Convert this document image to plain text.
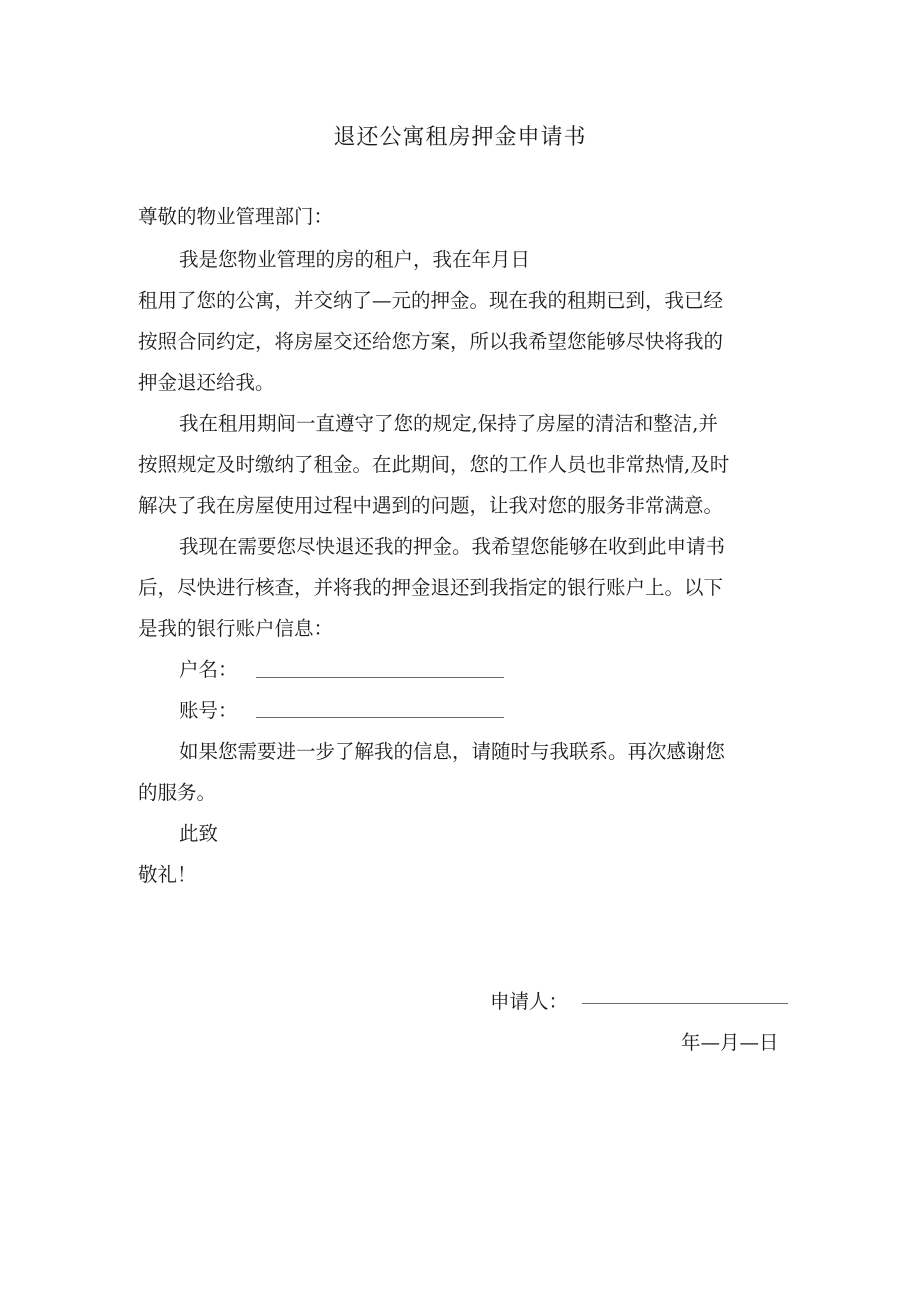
退还公寓租房押金申请书
尊敬的物业管理部门：
我是您物业管理的房的租户，我在年月日
租用了您的公寓，并交纳了—元的押金。现在我的租期已到，我已经
按照合同约定，将房屋交还给您方案，所以我希望您能够尽快将我的
押金退还给我。
我在租用期间一直遵守了您的规定,保持了房屋的清洁和整洁,并
按照规定及时缴纳了租金。在此期间，您的工作人员也非常热情,及时
解决了我在房屋使用过程中遇到的问题，让我对您的服务非常满意。
我现在需要您尽快退还我的押金。我希望您能够在收到此申请书
后，尽快进行核查，并将我的押金退还到我指定的银行账户上。以下
是我的银行账户信息：
户名：
账号：
如果您需要进一步了解我的信息，请随时与我联系。再次感谢您
的服务。
此致
敬礼！
申请人：
年—月—日
